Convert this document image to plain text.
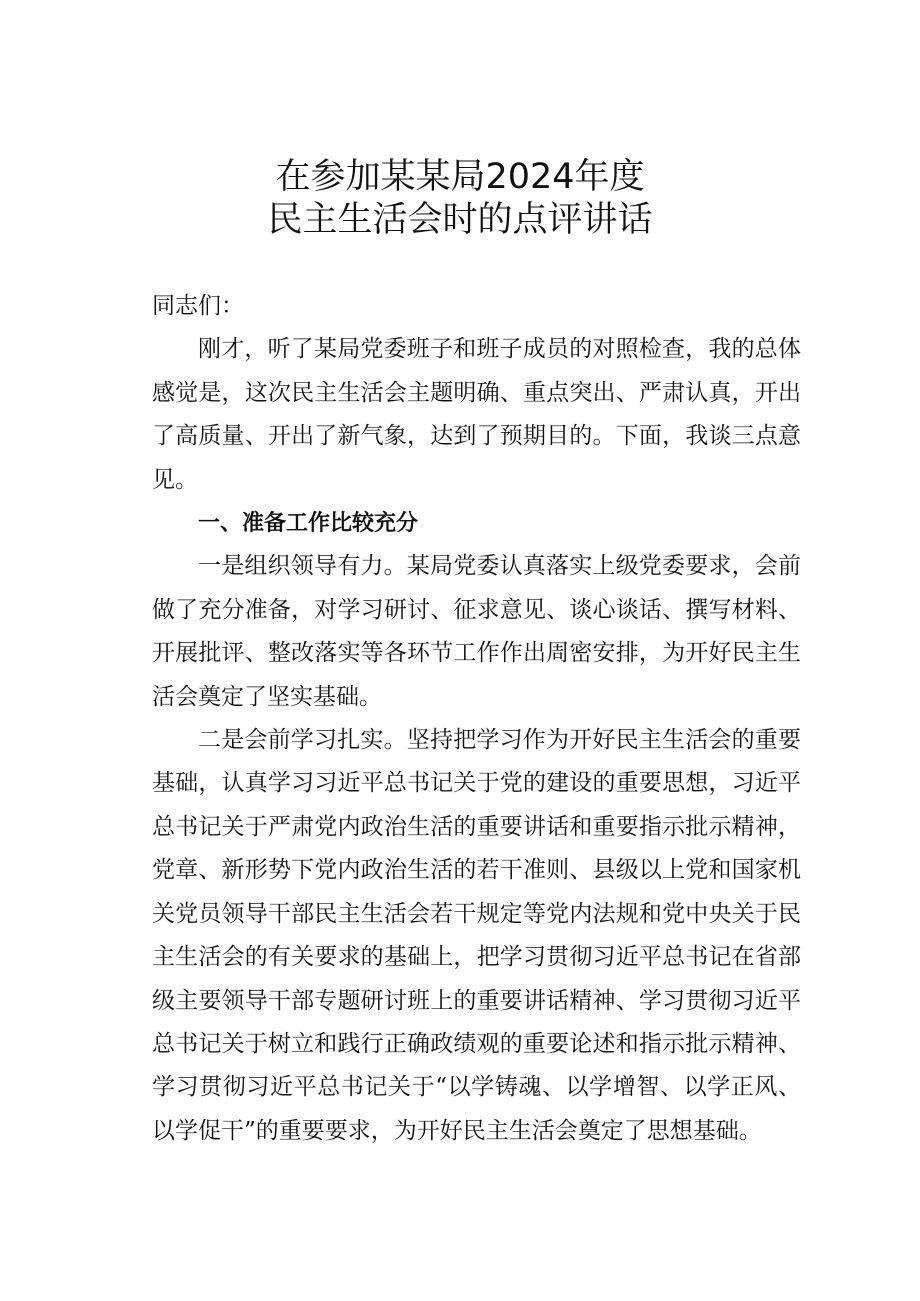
在参加某某局2024年度
民主生活会时的点评讲话

同志们：

刚才，听了某局党委班子和班子成员的对照检查，我的总体感觉是，这次民主生活会主题明确、重点突出、严肃认真，开出了高质量、开出了新气象，达到了预期目的。下面，我谈三点意见。

一、准备工作比较充分

一是组织领导有力。某局党委认真落实上级党委要求，会前做了充分准备，对学习研讨、征求意见、谈心谈话、撰写材料、开展批评、整改落实等各环节工作作出周密安排，为开好民主生活会奠定了坚实基础。

二是会前学习扎实。坚持把学习作为开好民主生活会的重要基础，认真学习习近平总书记关于党的建设的重要思想，习近平总书记关于严肃党内政治生活的重要讲话和重要指示批示精神，党章、新形势下党内政治生活的若干准则、县级以上党和国家机关党员领导干部民主生活会若干规定等党内法规和党中央关于民主生活会的有关要求的基础上，把学习贯彻习近平总书记在省部级主要领导干部专题研讨班上的重要讲话精神、学习贯彻习近平总书记关于树立和践行正确政绩观的重要论述和指示批示精神、学习贯彻习近平总书记关于“以学铸魂、以学增智、以学正风、以学促干”的重要要求，为开好民主生活会奠定了思想基础。
